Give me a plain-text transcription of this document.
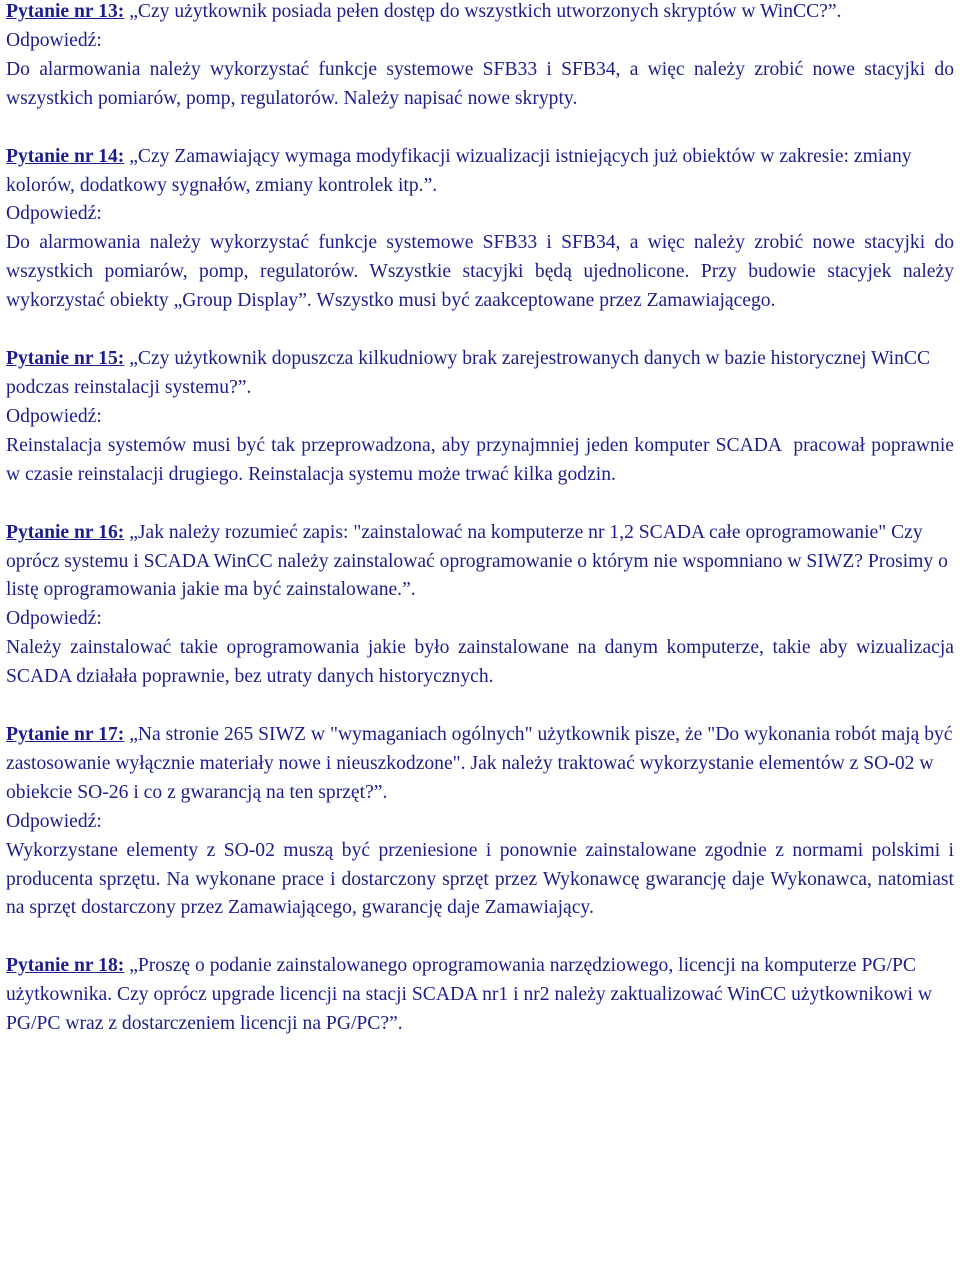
Pytanie nr 13: „Czy użytkownik posiada pełen dostęp do wszystkich utworzonych skryptów w WinCC?”.
Odpowiedź:
Do alarmowania należy wykorzystać funkcje systemowe SFB33 i SFB34, a więc należy zrobić nowe stacyjki do wszystkich pomiarów, pomp, regulatorów. Należy napisać nowe skrypty.
Pytanie nr 14: „Czy Zamawiający wymaga modyfikacji wizualizacji istniejących już obiektów w zakresie: zmiany kolorów, dodatkowy sygnałów, zmiany kontrolek itp.”.
Odpowiedź:
Do alarmowania należy wykorzystać funkcje systemowe SFB33 i SFB34, a więc należy zrobić nowe stacyjki do wszystkich pomiarów, pomp, regulatorów. Wszystkie stacyjki będą ujednolicone. Przy budowie stacyjek należy wykorzystać obiekty „Group Display”. Wszystko musi być zaakceptowane przez Zamawiającego.
Pytanie nr 15: „Czy użytkownik dopuszcza kilkudniowy brak zarejestrowanych danych w bazie historycznej WinCC podczas reinstalacji systemu?”.
Odpowiedź:
Reinstalacja systemów musi być tak przeprowadzona, aby przynajmniej jeden komputer SCADA  pracował poprawnie w czasie reinstalacji drugiego. Reinstalacja systemu może trwać kilka godzin.
Pytanie nr 16: „Jak należy rozumieć zapis: "zainstalować na komputerze nr 1,2 SCADA całe oprogramowanie" Czy oprócz systemu i SCADA WinCC należy zainstalować oprogramowanie o którym nie wspomniano w SIWZ? Prosimy o listę oprogramowania jakie ma być zainstalowane.”.
Odpowiedź:
Należy zainstalować takie oprogramowania jakie było zainstalowane na danym komputerze, takie aby wizualizacja SCADA działała poprawnie, bez utraty danych historycznych.
Pytanie nr 17: „Na stronie 265 SIWZ w "wymaganiach ogólnych" użytkownik pisze, że "Do wykonania robót mają być zastosowanie wyłącznie materiały nowe i nieuszkodzone". Jak należy traktować wykorzystanie elementów z SO-02 w obiekcie SO-26 i co z gwarancją na ten sprzęt?”.
Odpowiedź:
Wykorzystane elementy z SO-02 muszą być przeniesione i ponownie zainstalowane zgodnie z normami polskimi i producenta sprzętu. Na wykonane prace i dostarczony sprzęt przez Wykonawcę gwarancję daje Wykonawca, natomiast na sprzęt dostarczony przez Zamawiającego, gwarancję daje Zamawiający.
Pytanie nr 18: „Proszę o podanie zainstalowanego oprogramowania narzędziowego, licencji na komputerze PG/PC użytkownika. Czy oprócz upgrade licencji na stacji SCADA nr1 i nr2 należy zaktualizować WinCC użytkownikowi w PG/PC wraz z dostarczeniem licencji na PG/PC?”.
